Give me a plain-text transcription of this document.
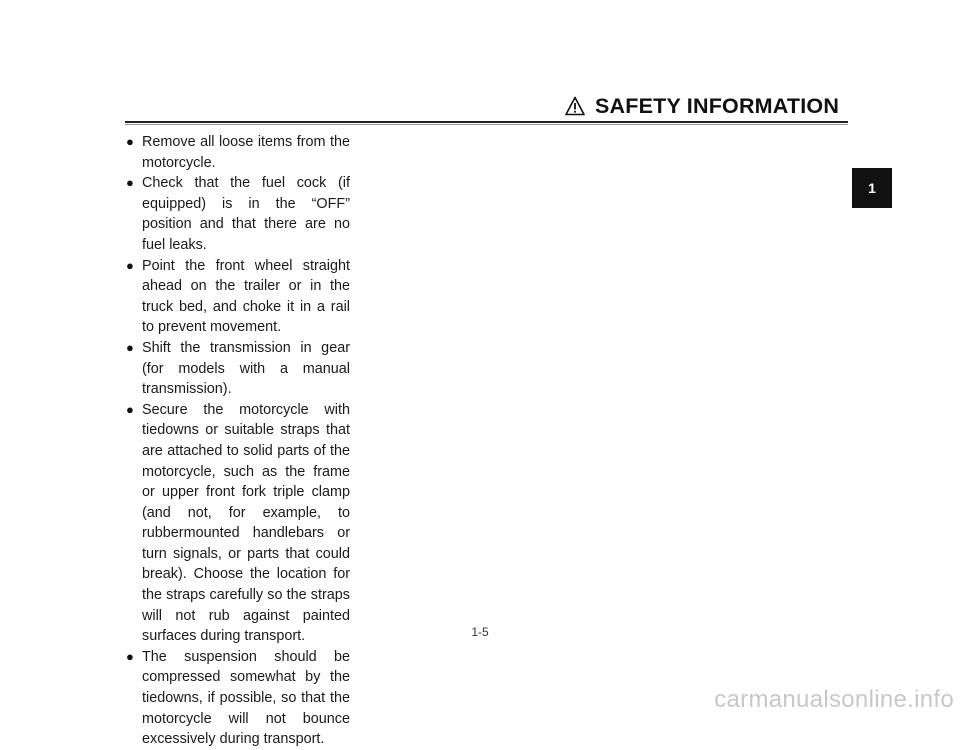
SAFETY INFORMATION
● Remove all loose items from the motorcycle.
● Check that the fuel cock (if equipped) is in the “OFF” position and that there are no fuel leaks.
● Point the front wheel straight ahead on the trailer or in the truck bed, and choke it in a rail to prevent movement.
● Shift the transmission in gear (for models with a manual transmission).
● Secure the motorcycle with tiedowns or suitable straps that are attached to solid parts of the motorcycle, such as the frame or upper front fork triple clamp (and not, for example, to rubbermounted handlebars or turn signals, or parts that could break). Choose the location for the straps carefully so the straps will not rub against painted surfaces during transport.
● The suspension should be compressed somewhat by the tiedowns, if possible, so that the motorcycle will not bounce excessively during transport.
1
1-5
carmanualsonline.info
